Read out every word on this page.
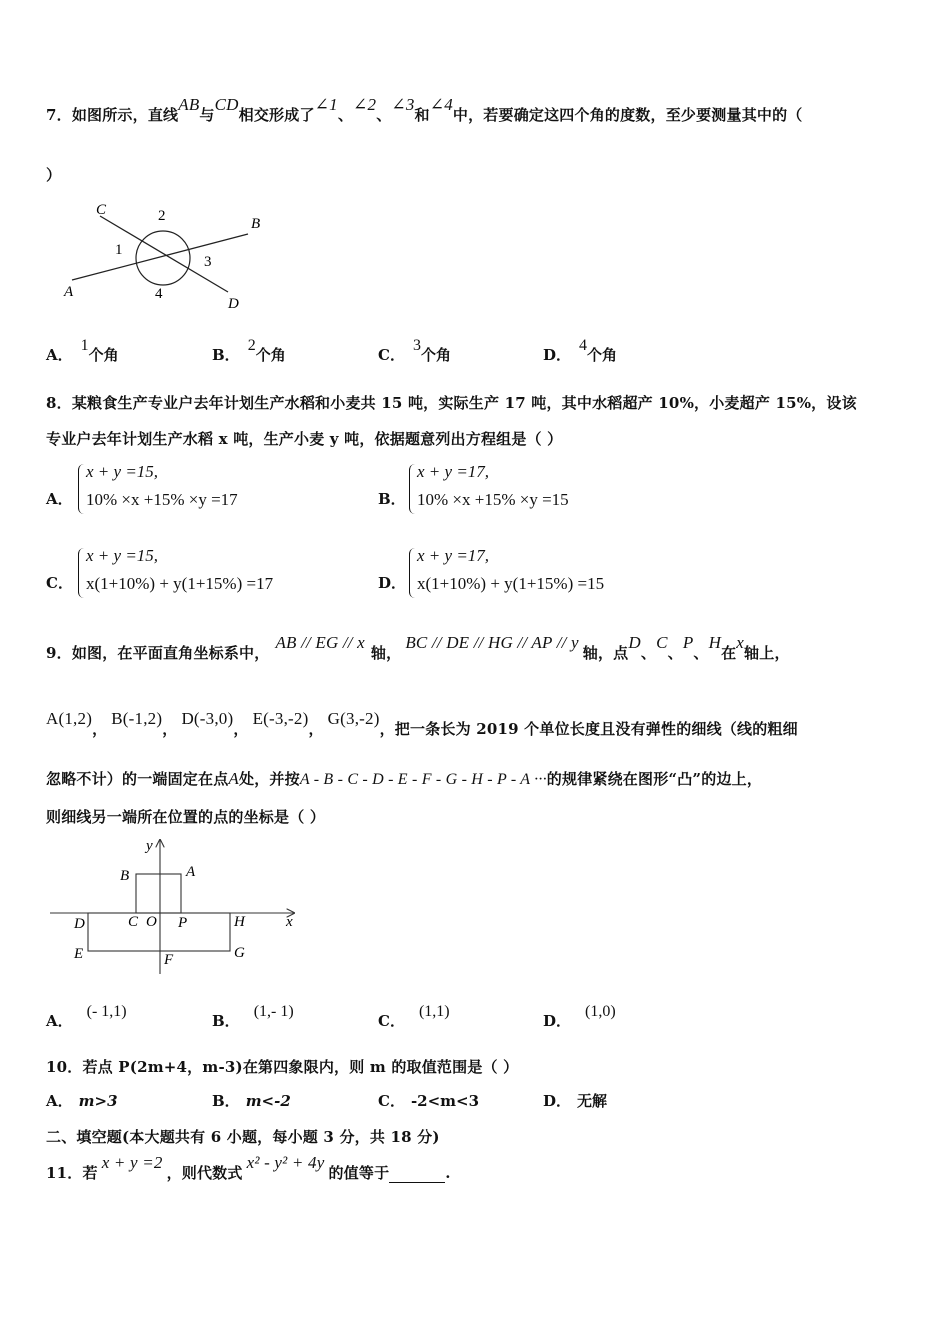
7．如图所示，直线AB与CD相交形成了∠1、∠2、∠3和∠4中，若要确定这四个角的度数，至少要测量其中的（
）
C
B
A
D
1
2
3
4
A．1个角	B．2个角	C．3个角	D．4个角
8．某粮食生产专业户去年计划生产水稻和小麦共 15 吨，实际生产 17 吨，其中水稻超产 10%，小麦超产 15%，设该
专业户去年计划生产水稻 x 吨，生产小麦 y 吨，依据题意列出方程组是（ ）
A．
x + y =15,
10% ×x +15% ×y =17	B．
x + y =17,
10% ×x +15% ×y =15
C．
x + y =15,
x(1+10%) + y(1+15%) =17	D．
x + y =17,
x(1+10%) + y(1+15%) =15
9．如图，在平面直角坐标系中，AB // EG // x轴，BC // DE // HG // AP // y轴，点D、C、P、H在x轴上，
A(1,2)，B(-1,2)，D(-3,0)，E(-3,-2)，G(3,-2)，把一条长为 2019 个单位长度且没有弹性的细线（线的粗细
忽略不计）的一端固定在点A处，并按A - B - C - D - E - F - G - H - P - A ···的规律紧绕在图形“凸”的边上，
则细线另一端所在位置的点的坐标是（ ）
y
x
A
B
C O P
D	H
E	F	G
A．(- 1,1)
B．(1,- 1)
C．(1,1)
D．(1,0)
10．若点 P(2m+4，m-3)在第四象限内，则 m 的取值范围是（ ）
A． m>3	B． m<-2	C． -2<m<3	D． 无解
二、填空题(本大题共有 6 小题，每小题 3 分，共 18 分)
11．若x + y =2，则代数式x² - y² + 4y的值等于	.
